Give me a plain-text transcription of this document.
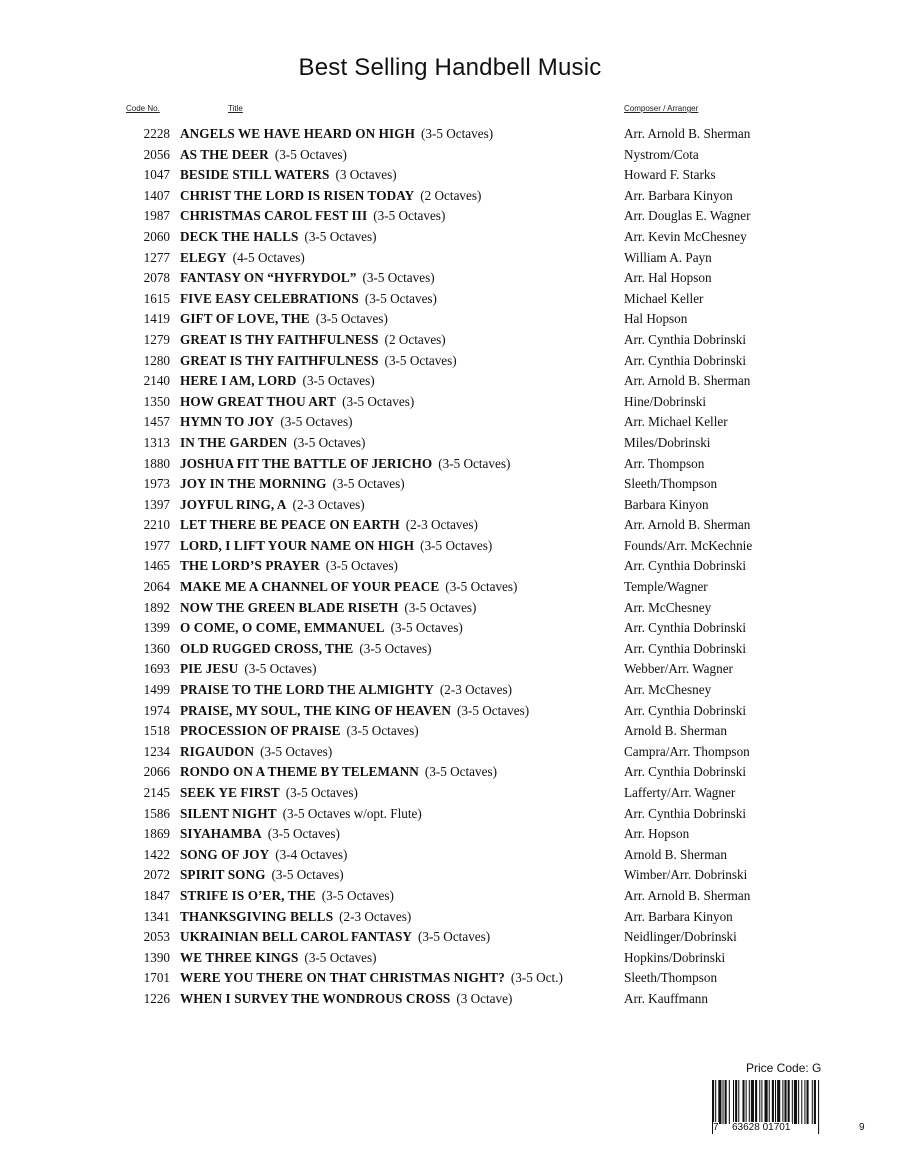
Best Selling Handbell Music
Code No.	Title	Composer / Arranger
2228 ANGELS WE HAVE HEARD ON HIGH (3-5 Octaves)	Arr. Arnold B. Sherman
2056 AS THE DEER (3-5 Octaves)	Nystrom/Cota
1047 BESIDE STILL WATERS (3 Octaves)	Howard F. Starks
1407 CHRIST THE LORD IS RISEN TODAY (2 Octaves)	Arr. Barbara Kinyon
1987 CHRISTMAS CAROL FEST III (3-5 Octaves)	Arr. Douglas E. Wagner
2060 DECK THE HALLS (3-5 Octaves)	Arr. Kevin McChesney
1277 ELEGY (4-5 Octaves)	William A. Payn
2078 FANTASY ON “HYFRYDOL” (3-5 Octaves)	Arr. Hal Hopson
1615 FIVE EASY CELEBRATIONS (3-5 Octaves)	Michael Keller
1419 GIFT OF LOVE, THE (3-5 Octaves)	Hal Hopson
1279 GREAT IS THY FAITHFULNESS (2 Octaves)	Arr. Cynthia Dobrinski
1280 GREAT IS THY FAITHFULNESS (3-5 Octaves)	Arr. Cynthia Dobrinski
2140 HERE I AM, LORD (3-5 Octaves)	Arr. Arnold B. Sherman
1350 HOW GREAT THOU ART (3-5 Octaves)	Hine/Dobrinski
1457 HYMN TO JOY (3-5 Octaves)	Arr. Michael Keller
1313 IN THE GARDEN (3-5 Octaves)	Miles/Dobrinski
1880 JOSHUA FIT THE BATTLE OF JERICHO (3-5 Octaves)	Arr. Thompson
1973 JOY IN THE MORNING (3-5 Octaves)	Sleeth/Thompson
1397 JOYFUL RING, A (2-3 Octaves)	Barbara Kinyon
2210 LET THERE BE PEACE ON EARTH (2-3 Octaves)	Arr. Arnold B. Sherman
1977 LORD, I LIFT YOUR NAME ON HIGH (3-5 Octaves)	Founds/Arr. McKechnie
1465 THE LORD’S PRAYER (3-5 Octaves)	Arr. Cynthia Dobrinski
2064 MAKE ME A CHANNEL OF YOUR PEACE (3-5 Octaves)	Temple/Wagner
1892 NOW THE GREEN BLADE RISETH (3-5 Octaves)	Arr. McChesney
1399 O COME, O COME, EMMANUEL (3-5 Octaves)	Arr. Cynthia Dobrinski
1360 OLD RUGGED CROSS, THE (3-5 Octaves)	Arr. Cynthia Dobrinski
1693 PIE JESU (3-5 Octaves)	Webber/Arr. Wagner
1499 PRAISE TO THE LORD THE ALMIGHTY (2-3 Octaves)	Arr. McChesney
1974 PRAISE, MY SOUL, THE KING OF HEAVEN (3-5 Octaves)	Arr. Cynthia Dobrinski
1518 PROCESSION OF PRAISE (3-5 Octaves)	Arnold B. Sherman
1234 RIGAUDON (3-5 Octaves)	Campra/Arr. Thompson
2066 RONDO ON A THEME BY TELEMANN (3-5 Octaves)	Arr. Cynthia Dobrinski
2145 SEEK YE FIRST (3-5 Octaves)	Lafferty/Arr. Wagner
1586 SILENT NIGHT (3-5 Octaves w/opt. Flute)	Arr. Cynthia Dobrinski
1869 SIYAHAMBA (3-5 Octaves)	Arr. Hopson
1422 SONG OF JOY (3-4 Octaves)	Arnold B. Sherman
2072 SPIRIT SONG (3-5 Octaves)	Wimber/Arr. Dobrinski
1847 STRIFE IS O’ER, THE (3-5 Octaves)	Arr. Arnold B. Sherman
1341 THANKSGIVING BELLS (2-3 Octaves)	Arr. Barbara Kinyon
2053 UKRAINIAN BELL CAROL FANTASY (3-5 Octaves)	Neidlinger/Dobrinski
1390 WE THREE KINGS (3-5 Octaves)	Hopkins/Dobrinski
1701 WERE YOU THERE ON THAT CHRISTMAS NIGHT? (3-5 Oct.)	Sleeth/Thompson
1226 WHEN I SURVEY THE WONDROUS CROSS (3 Octave)	Arr. Kauffmann
Price Code: G
7 63628 01701	9
